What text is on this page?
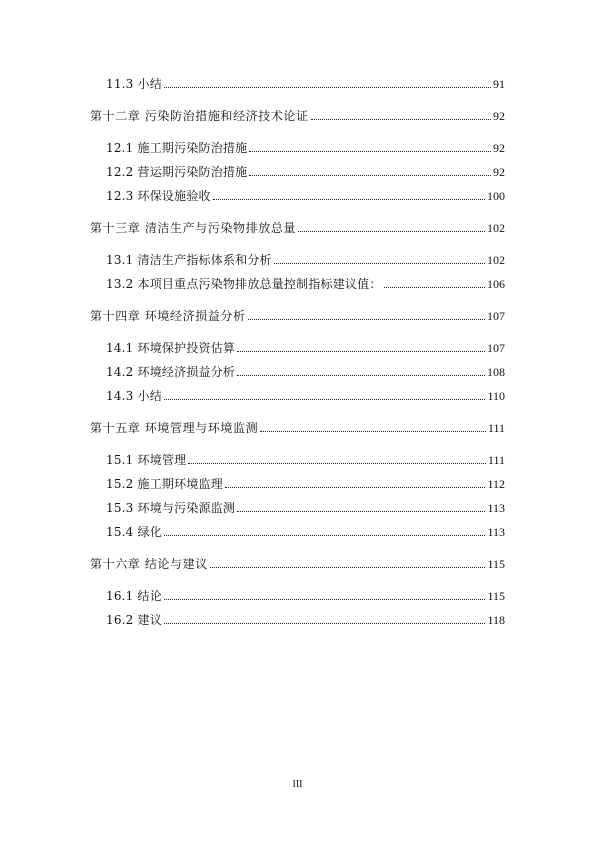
11.3 小结	91
第十二章 污染防治措施和经济技术论证	92
12.1 施工期污染防治措施	92
12.2 营运期污染防治措施	92
12.3 环保设施验收	100
第十三章 清洁生产与污染物排放总量	102
13.1 清洁生产指标体系和分析	102
13.2 本项目重点污染物排放总量控制指标建议值：	106
第十四章 环境经济损益分析	107
14.1 环境保护投资估算	107
14.2 环境经济损益分析	108
14.3 小结	110
第十五章 环境管理与环境监测	111
15.1 环境管理	111
15.2 施工期环境监理	112
15.3 环境与污染源监测	113
15.4 绿化	113
第十六章 结论与建议	115
16.1 结论	115
16.2 建议	118
III
